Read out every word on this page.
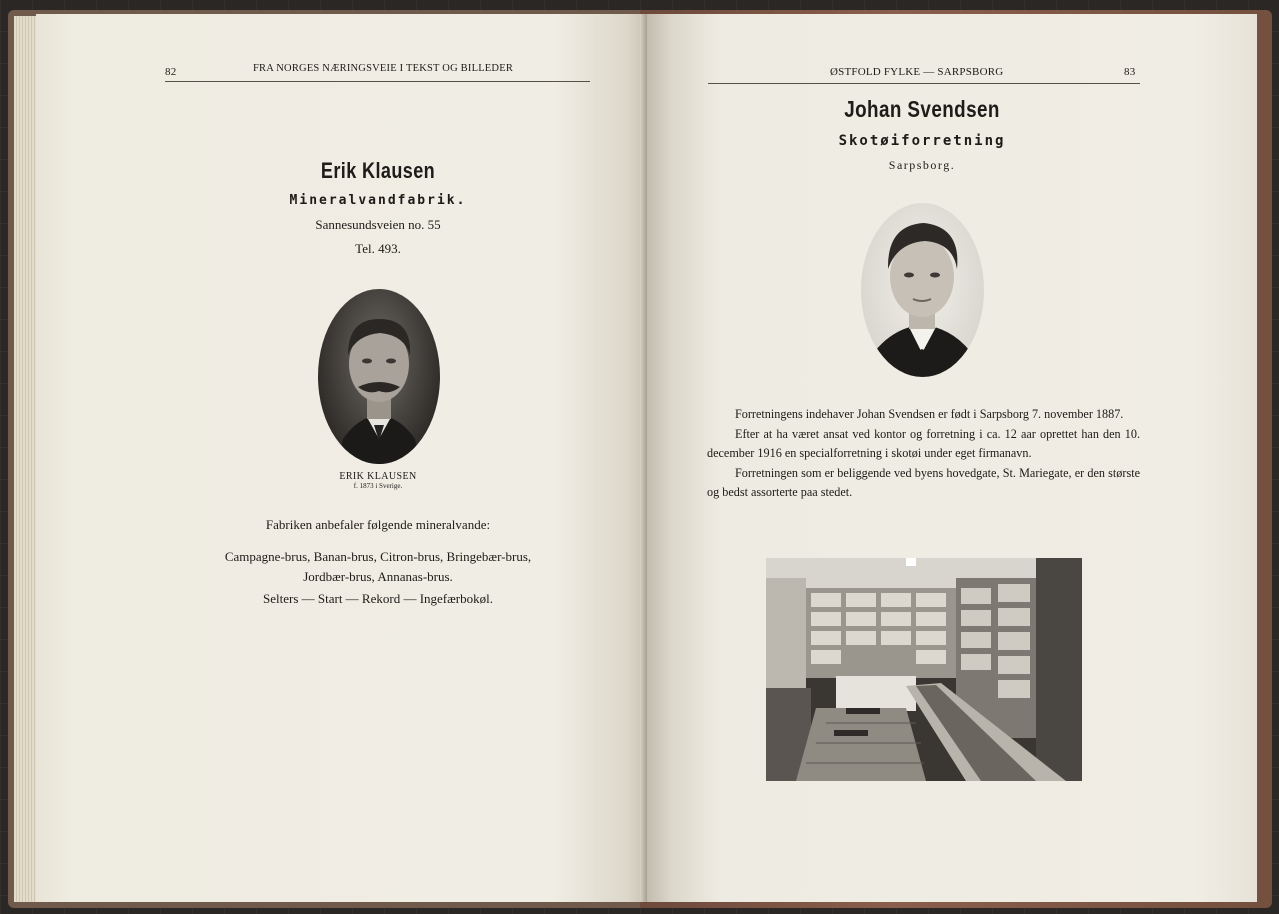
82	FRA NORGES NÆRINGSVEIE I TEKST OG BILLEDER
Erik Klausen
Mineralvandfabrik.
Sannesundsveien no. 55
Tel. 493.
ERIK KLAUSEN
f. 1873 i Sverige.
Fabriken anbefaler følgende mineralvande:
Campagne-brus, Banan-brus, Citron-brus, Bringebær-brus,
Jordbær-brus, Annanas-brus.
Selters — Start — Rekord — Ingefærbokøl.
ØSTFOLD FYLKE — SARPSBORG	83
Johan Svendsen
Skotøiforretning
Sarpsborg.

Forretningens indehaver Johan Svendsen er født i Sarpsborg 7. november 1887.

Efter at ha været ansat ved kontor og forretning i ca. 12 aar oprettet han den 10. december 1916 en specialforretning i skotøi under eget firmanavn.

Forretningen som er beliggende ved byens hovedgate, St. Mariegate, er den største og bedst assorterte paa stedet.
